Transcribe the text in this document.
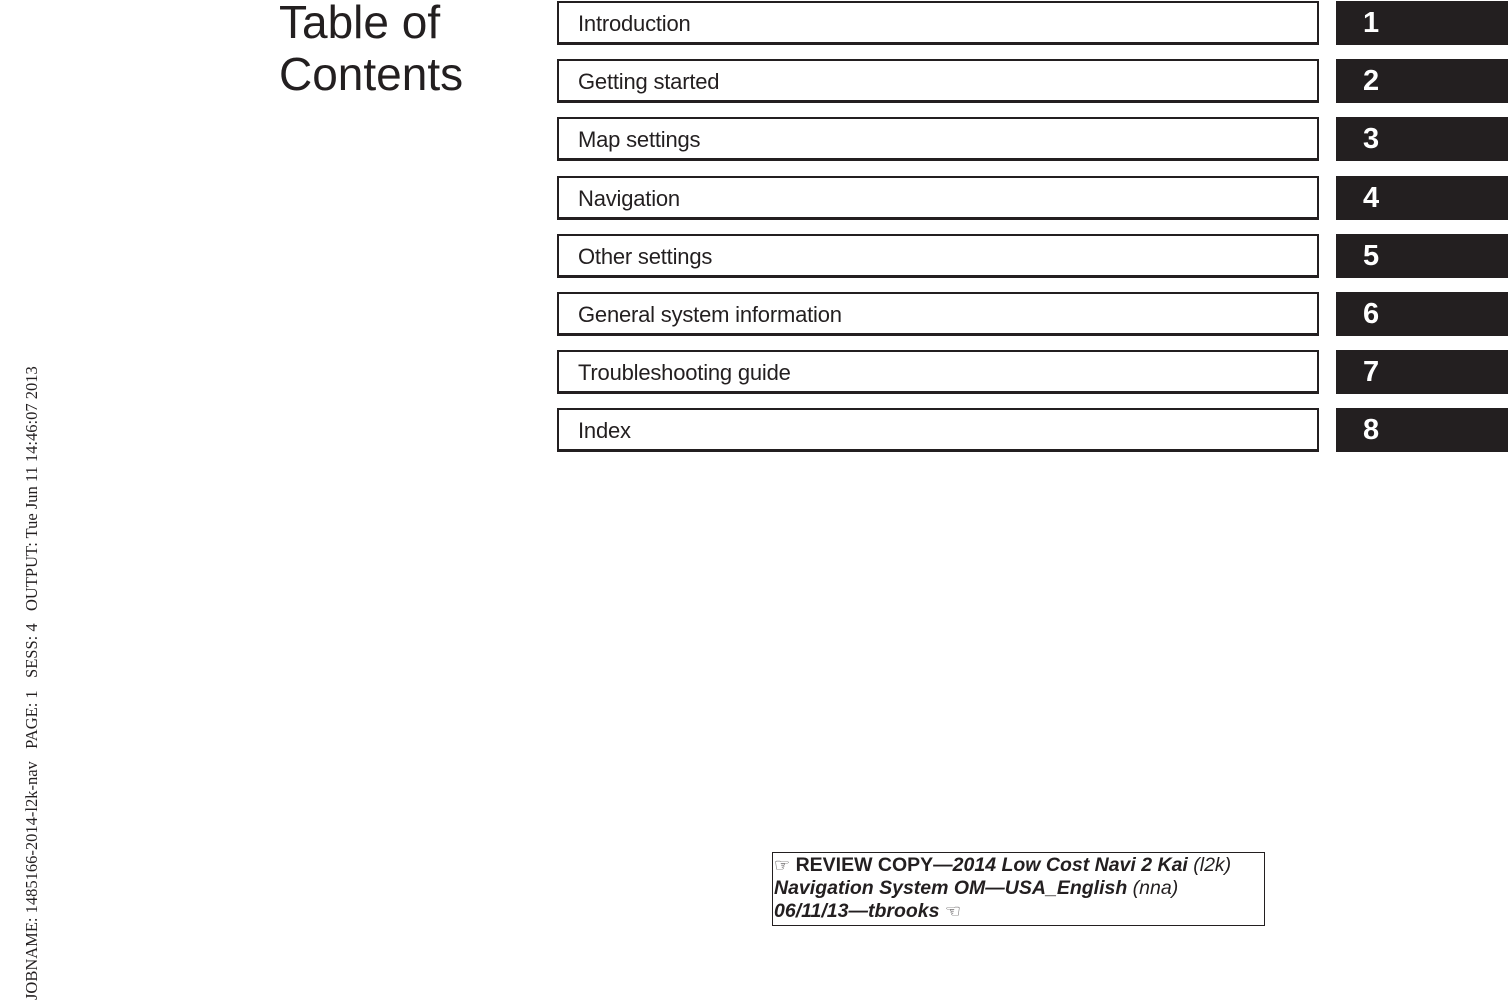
JOBNAME: 1485166-2014-l2k-nav   PAGE: 1   SESS: 4   OUTPUT: Tue Jun 11 14:46:07 2013
Table of
Contents
Introduction	1
Getting started	2
Map settings	3
Navigation	4
Other settings	5
General system information	6
Troubleshooting guide	7
Index	8
☞ REVIEW COPY—2014 Low Cost Navi 2 Kai (l2k)
Navigation System OM—USA_English (nna)
06/11/13—tbrooks ☜
